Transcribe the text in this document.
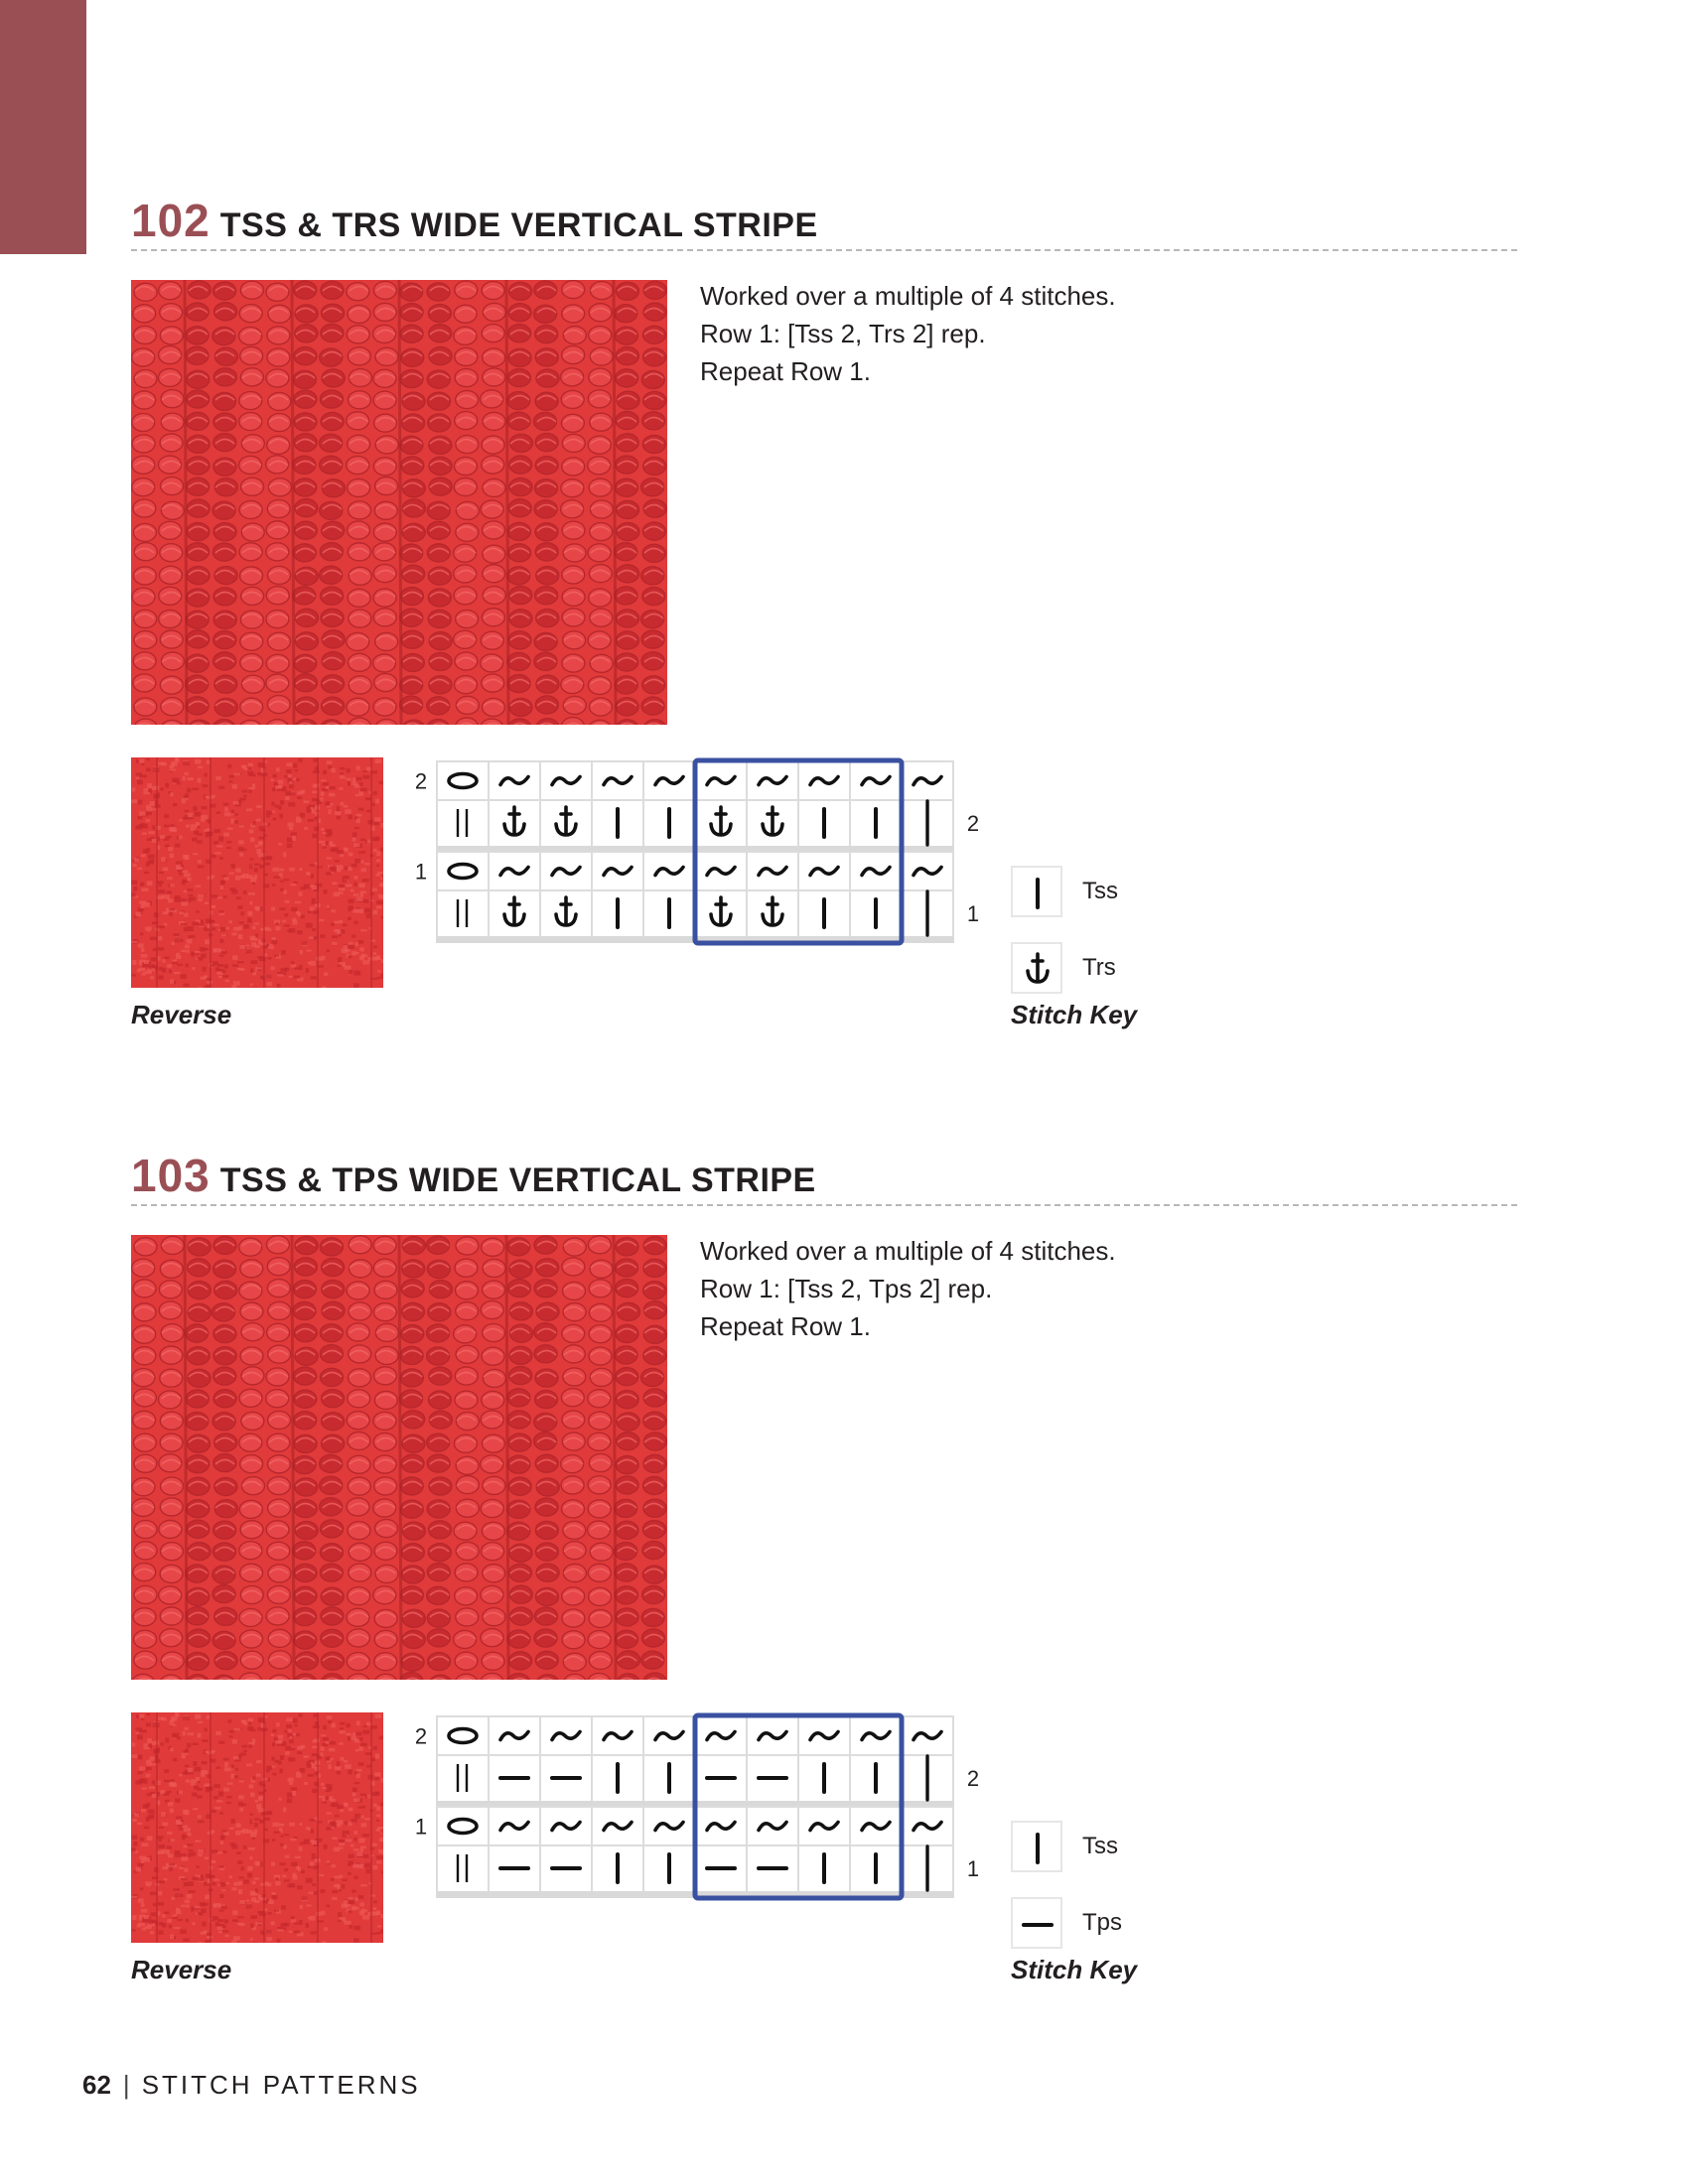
102 TSS & TRS WIDE VERTICAL STRIPE
Worked over a multiple of 4 stitches.
Row 1: [Tss 2, Trs 2] rep.
Repeat Row 1.
2
1
2
1
Tss
Trs
Reverse	Stitch Key
103 TSS & TPS WIDE VERTICAL STRIPE
Worked over a multiple of 4 stitches.
Row 1: [Tss 2, Tps 2] rep.
Repeat Row 1.
2
1
2
1
Tss
Tps
Reverse	Stitch Key
62 | STITCH PATTERNS
